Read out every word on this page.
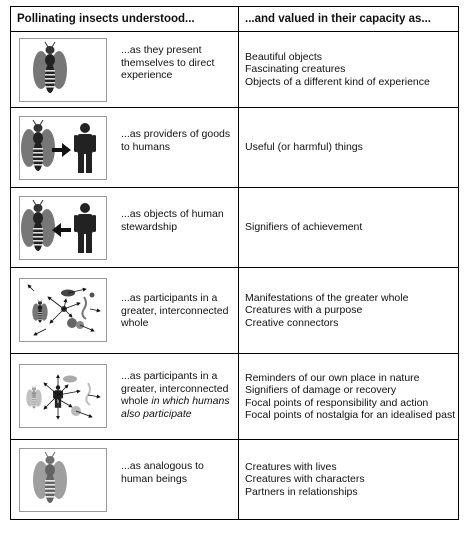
Pollinating insects understood...	...and valued in their capacity as...

...as they present themselves to direct experience	Beautiful objects
Fascinating creatures
Objects of a different kind of experience

...as providers of goods to humans	Useful (or harmful) things

...as objects of human stewardship	Signifiers of achievement

...as participants in a greater, interconnected whole	Manifestations of the greater whole
Creatures with a purpose
Creative connectors

...as participants in a greater, interconnected whole in which humans also participate	Reminders of our own place in nature
Signifiers of damage or recovery
Focal points of responsibility and action
Focal points of nostalgia for an idealised past

...as analogous to human beings	Creatures with lives
Creatures with characters
Partners in relationships
